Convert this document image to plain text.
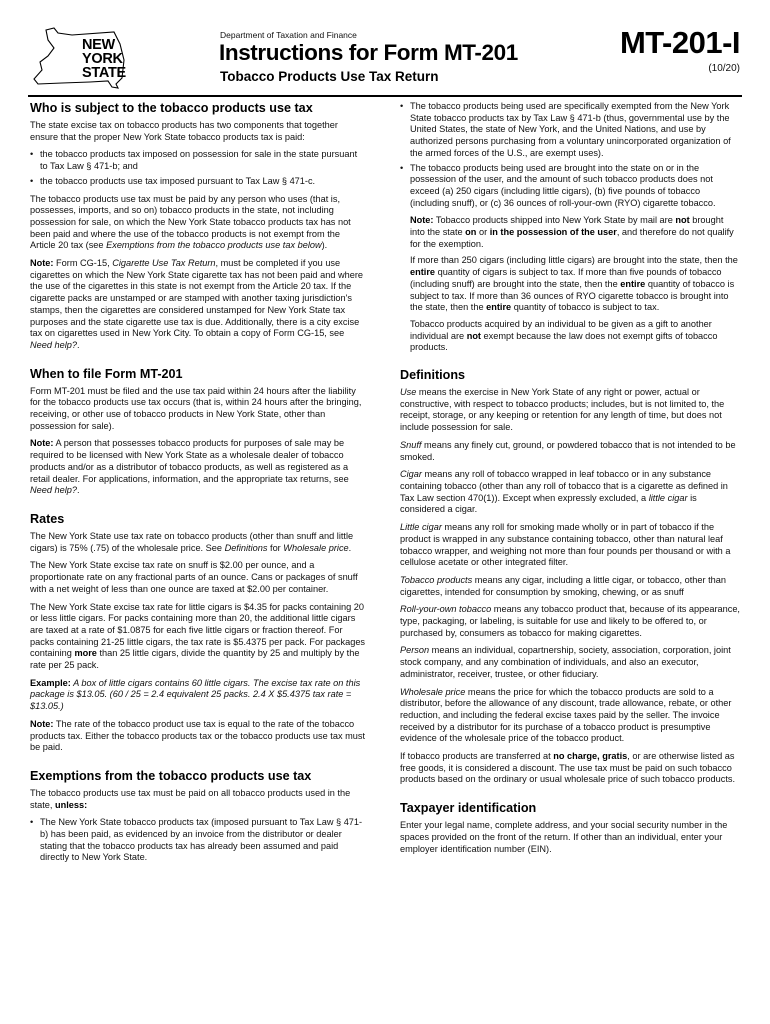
NEW
YORK
STATE
Department of Taxation and Finance
Instructions for Form MT-201
Tobacco Products Use Tax Return
MT-201-I
(10/20)
Who is subject to the tobacco products use tax

The state excise tax on tobacco products has two components that together ensure that the proper New York State tobacco products tax is paid:

• the tobacco products tax imposed on possession for sale in the state pursuant to Tax Law § 471-b; and
• the tobacco products use tax imposed pursuant to Tax Law § 471-c.

The tobacco products use tax must be paid by any person who uses (that is, possesses, imports, and so on) tobacco products in the state, not including possession for sale, on which the New York State tobacco products tax has not been paid and where the use of the tobacco products is not exempt from the Article 20 tax (see Exemptions from the tobacco products use tax below).

Note: Form CG-15, Cigarette Use Tax Return, must be completed if you use cigarettes on which the New York State cigarette tax has not been paid and where the use of the cigarettes in this state is not exempt from the Article 20 tax. If the cigarette packs are unstamped or are stamped with another taxing jurisdiction's stamps, then the cigarettes are considered unstamped for New York State tax purposes and the state cigarette use tax is due. Additionally, there is a city excise tax on cigarettes used in New York City. To obtain a copy of Form CG-15, see Need help?.

When to file Form MT-201

Form MT-201 must be filed and the use tax paid within 24 hours after the liability for the tobacco products use tax occurs (that is, within 24 hours after the bringing, receiving, or other use of tobacco products in New York State, other than possession for sale).

Note: A person that possesses tobacco products for purposes of sale may be required to be licensed with New York State as a wholesale dealer of tobacco products and/or as a distributor of tobacco products, as well as registered as a retail dealer. For applications, information, and the appropriate tax returns, see Need help?.

Rates

The New York State use tax rate on tobacco products (other than snuff and little cigars) is 75% (.75) of the wholesale price. See Definitions for Wholesale price.

The New York State excise tax rate on snuff is $2.00 per ounce, and a proportionate rate on any fractional parts of an ounce. Cans or packages of snuff with a net weight of less than one ounce are taxed at $2.00 per container.

The New York State excise tax rate for little cigars is $4.35 for packs containing 20 or less little cigars. For packs containing more than 20, the additional little cigars are taxed at a rate of $1.0875 for each five little cigars or fraction thereof. For packs containing 21-25 little cigars, the tax rate is $5.4375 per pack. For packages containing more than 25 little cigars, divide the quantity by 25 and multiply by the rate per 25 pack.

Example: A box of little cigars contains 60 little cigars. The excise tax rate on this package is $13.05. (60 / 25 = 2.4 equivalent 25 packs. 2.4 X $5.4375 tax rate = $13.05.)

Note: The rate of the tobacco product use tax is equal to the rate of the tobacco products tax. Either the tobacco products tax or the tobacco products use tax must be paid.

Exemptions from the tobacco products use tax

The tobacco products use tax must be paid on all tobacco products used in the state, unless:

• The New York State tobacco products tax (imposed pursuant to Tax Law § 471-b) has been paid, as evidenced by an invoice from the distributor or dealer stating that the tobacco products tax has already been assumed and paid directly to New York State.
• The tobacco products being used are specifically exempted from the New York State tobacco products tax by Tax Law § 471-b (thus, governmental use by the United States, the state of New York, and the United Nations, and use by authorized persons purchasing from a voluntary unincorporated organization of the armed forces of the U.S., are exempt uses).
• The tobacco products being used are brought into the state on or in the possession of the user, and the amount of such tobacco products does not exceed (a) 250 cigars (including little cigars), (b) five pounds of tobacco (including snuff), or (c) 36 ounces of roll-your-own (RYO) cigarette tobacco.

Note: Tobacco products shipped into New York State by mail are not brought into the state on or in the possession of the user, and therefore do not qualify for the exemption.

If more than 250 cigars (including little cigars) are brought into the state, then the entire quantity of cigars is subject to tax. If more than five pounds of tobacco (including snuff) are brought into the state, then the entire quantity of tobacco is subject to tax. If more than 36 ounces of RYO cigarette tobacco is brought into the state, then the entire quantity of tobacco is subject to tax.

Tobacco products acquired by an individual to be given as a gift to another individual are not exempt because the law does not exempt gifts of tobacco products.

Definitions

Use means the exercise in New York State of any right or power, actual or constructive, with respect to tobacco products; includes, but is not limited to, the receipt, storage, or any keeping or retention for any length of time, but does not include possession for sale.

Snuff means any finely cut, ground, or powdered tobacco that is not intended to be smoked.

Cigar means any roll of tobacco wrapped in leaf tobacco or in any substance containing tobacco (other than any roll of tobacco that is a cigarette as defined in Tax Law section 470(1)). Except when expressly excluded, a little cigar is considered a cigar.

Little cigar means any roll for smoking made wholly or in part of tobacco if the product is wrapped in any substance containing tobacco, other than natural leaf tobacco wrapper, and weighing not more than four pounds per thousand or with a cellulose acetate or other integrated filter.

Tobacco products means any cigar, including a little cigar, or tobacco, other than cigarettes, intended for consumption by smoking, chewing, or as snuff

Roll-your-own tobacco means any tobacco product that, because of its appearance, type, packaging, or labeling, is suitable for use and likely to be offered to, or purchased by, consumers as tobacco for making cigarettes.

Person means an individual, copartnership, society, association, corporation, joint stock company, and any combination of individuals, and also an executor, administrator, receiver, trustee, or other fiduciary.

Wholesale price means the price for which the tobacco products are sold to a distributor, before the allowance of any discount, trade allowance, rebate, or other reduction, and including the federal excise taxes paid by the seller. The invoice received by a distributor for its purchase of a tobacco product is presumptive evidence of the wholesale price of the tobacco product.

If tobacco products are transferred at no charge, gratis, or are otherwise listed as free goods, it is considered a discount. The use tax must be paid on such tobacco products based on the ordinary or usual wholesale price of such tobacco products.

Taxpayer identification

Enter your legal name, complete address, and your social security number in the spaces provided on the front of the return. If other than an individual, enter your employer identification number (EIN).
